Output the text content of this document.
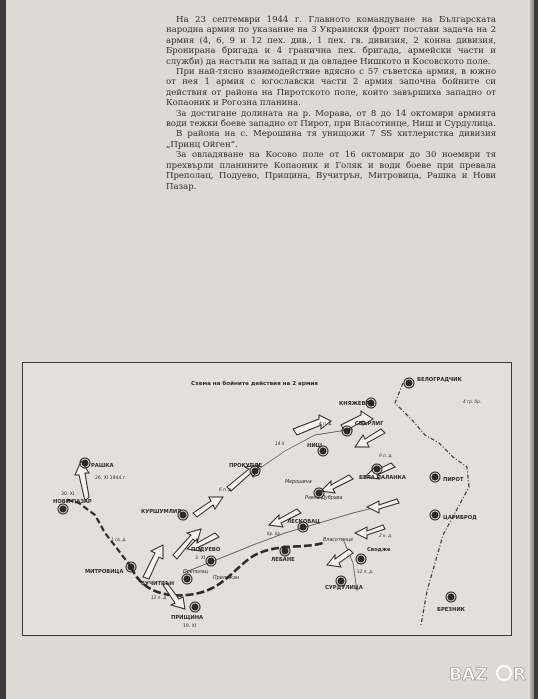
На 23 септември 1944 г. Главното командуване на Българската народна армия по указание на 3 Украински фронт постави задача на 2 армия (4, 6, 9 и 12 пех. див., 1 пех. гв. дивизия, 2 конна дивизия, Бронирана бригада и 4 гранична пех. бригада, армейски части и служби) да настъпи на запад и да овладее Нишкото и Косовското поле.

При най-тясно взаимодействие вдясно с 57 съветска армия, в южно от нея 1 армия с югославски части 2 армия започна бойните си действия от района на Пиротското поле, които завършиха западно от Копаоник и Рогозна планина.

За достигане долината на р. Морава, от 8 до 14 октомври армията води тежки боеве западно от Пирот, при Власотинце, Ниш и Сурдулица.

В района на с. Мерошина тя унищожи 7 SS хитлеристка дивизия „Принц Ойген“.

За овладяване на Косово поле от 16 октомври до 30 ноември тя прехвърли планините Копаоник и Голяк и води боеве при превала Преполац, Подуево, Прищина, Вучитрън, Митровица, Рашка и Нови Пазар.

Схема на бойните действия на 2 армия
БЕЛОГРАДЧИК
КНЯЖЕВАЦ
СВЪРЛИГ
НИШ
ПРОКУПЛЕ
БЕЛА ПАЛАНКА	ПИРОТ
ЦАРИБРОД
КУРШУМЛИЯ
РАШКА
НОВИ ПАЗАР
МИТРОВИЦА
ПОДУЕВО
ВУЧИТРЪН
ПРИЩИНА
ЛЕСКОВАЦ
ЛЕБАНЕ
СУРДУЛИЦА
БРЕЗНИК
Сводже
Преполац
Прилужан
Власотинце
Равна Дубрава
Мерошина
26. XI 1944 г.
30. XI
3. XI
19. XI
1 гв. д.
12 п. д.
6 п. д.
4 п. д.
9 п. д.
2 к. д.
бр. бр.
4 гр. бр.
12 п. д.
14 X
BAZ R
